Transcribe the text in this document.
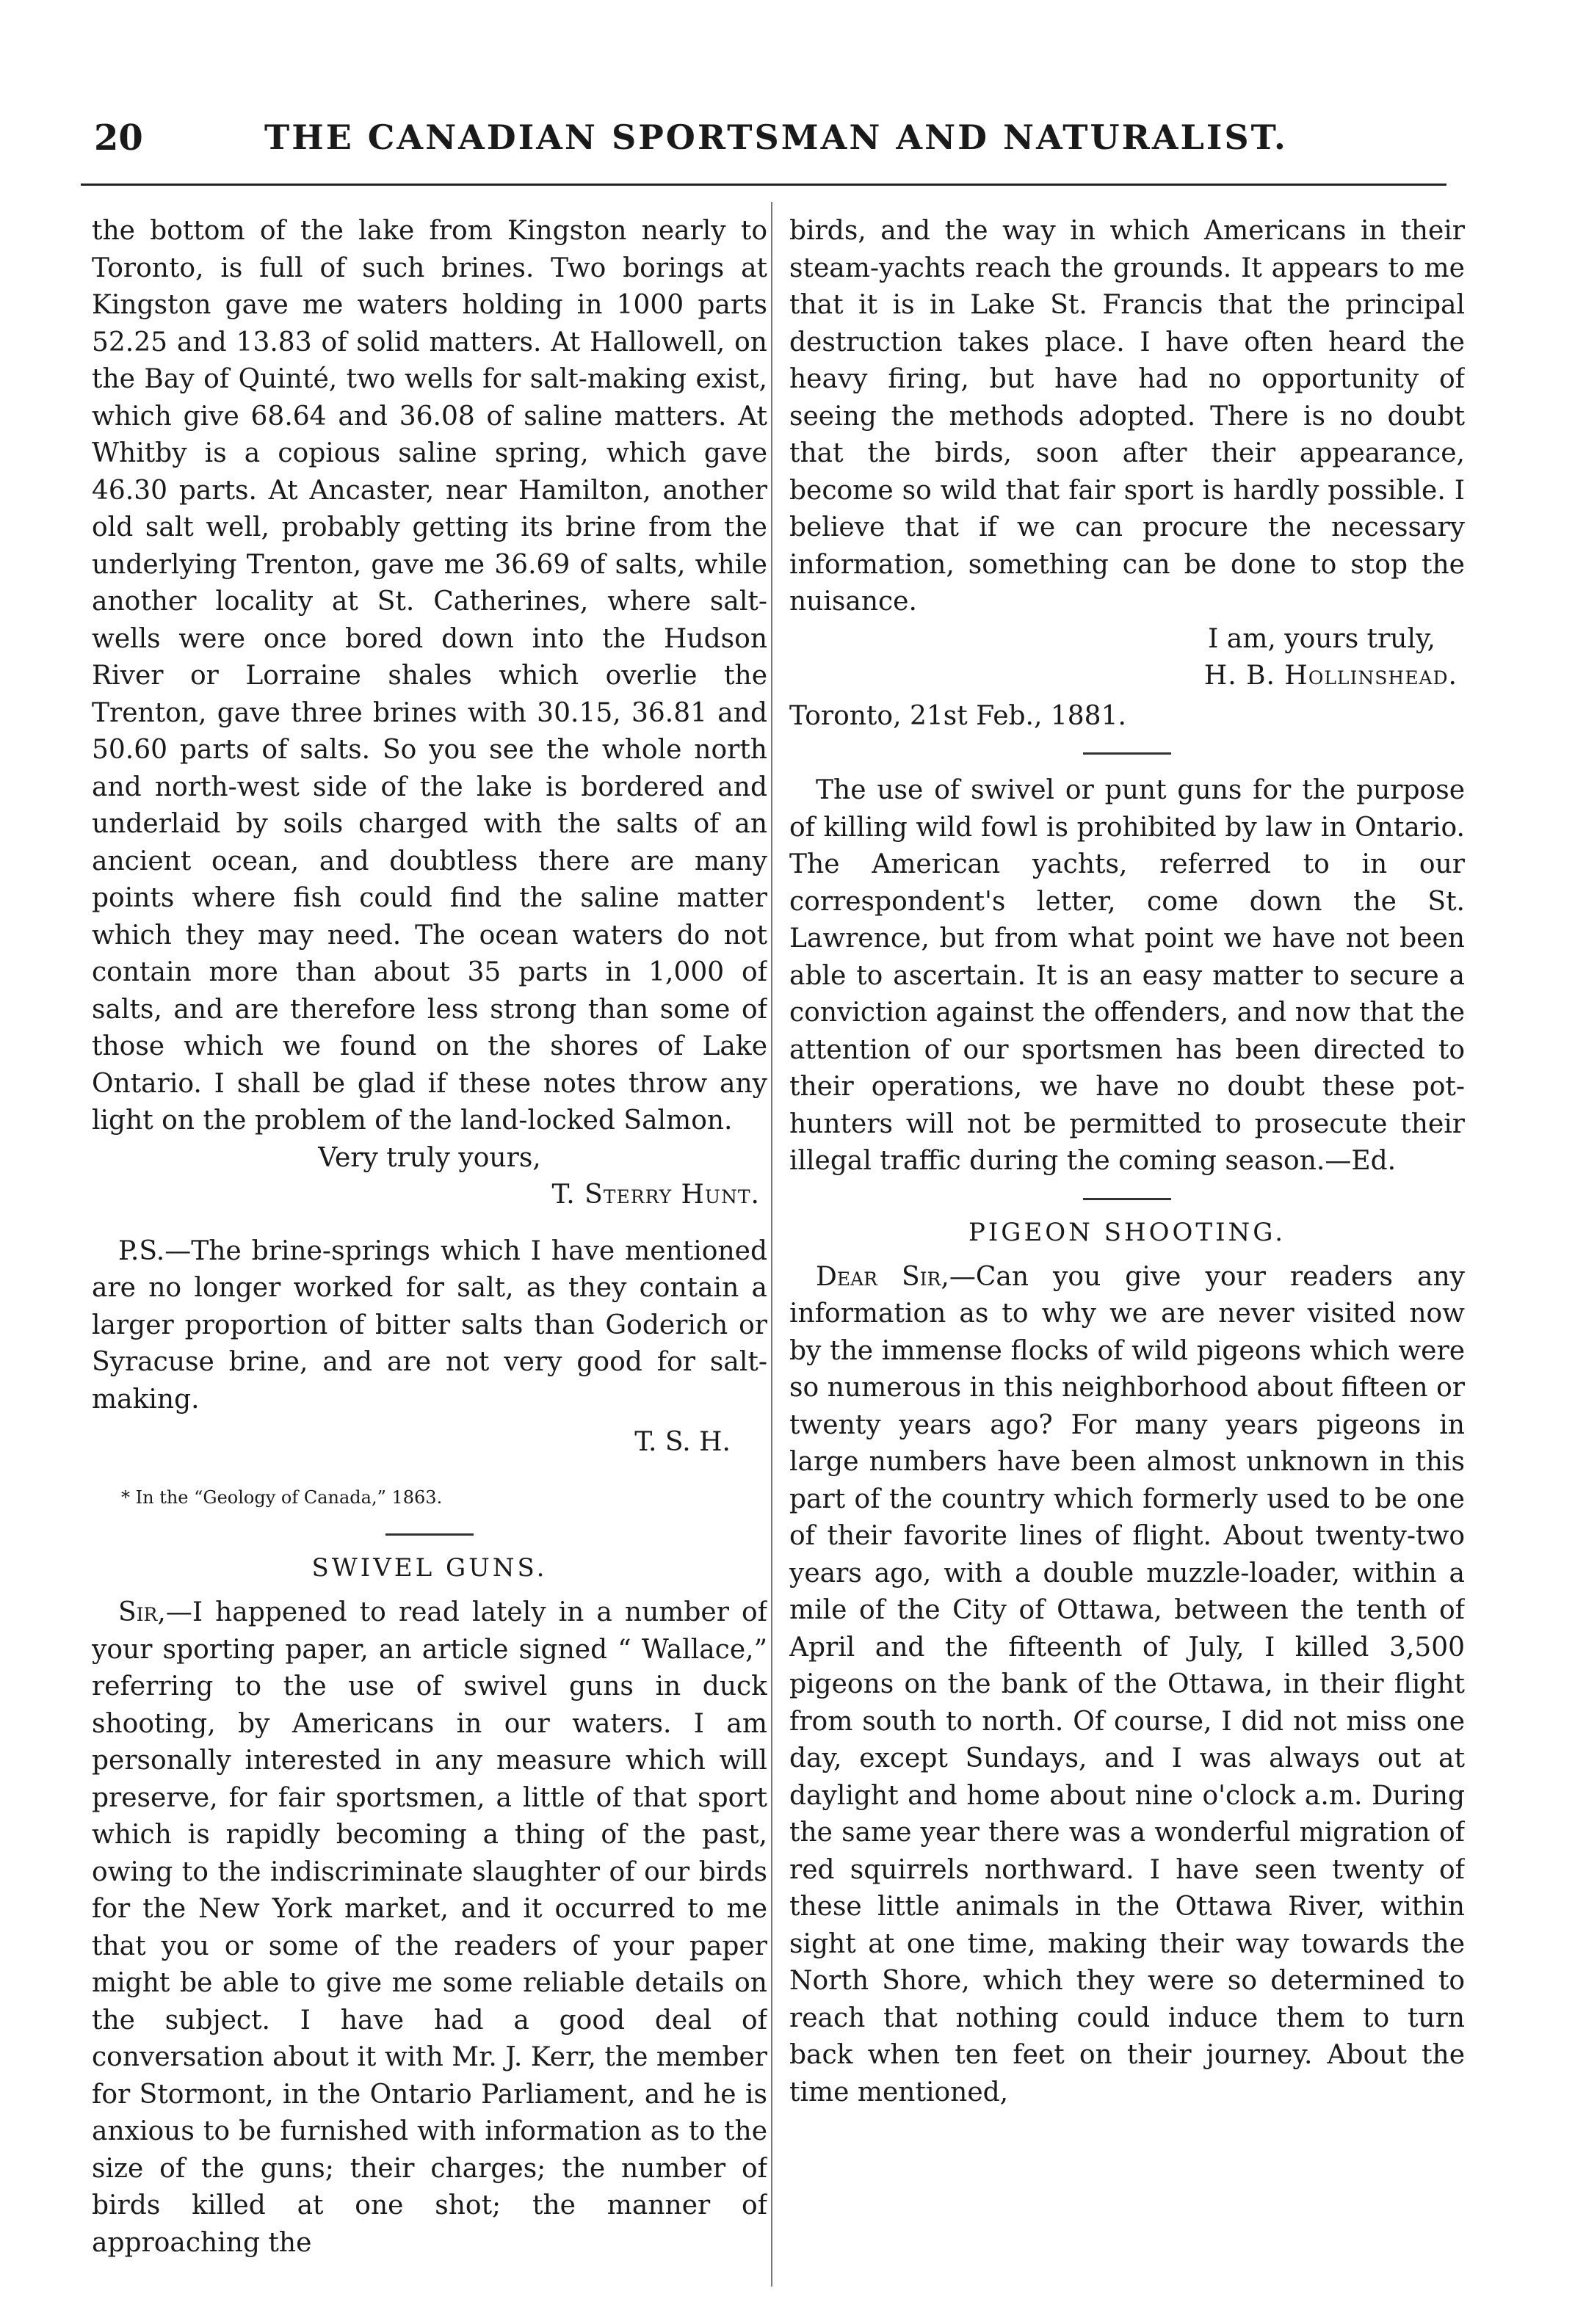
20	THE CANADIAN SPORTSMAN AND NATURALIST.

the bottom of the lake from Kingston nearly to Toronto, is full of such brines. Two borings at Kingston gave me waters holding in 1000 parts 52.25 and 13.83 of solid matters. At Hallowell, on the Bay of Quinté, two wells for salt-making exist, which give 68.64 and 36.08 of saline matters. At Whitby is a copious saline spring, which gave 46.30 parts. At Ancaster, near Hamilton, another old salt well, probably getting its brine from the underlying Trenton, gave me 36.69 of salts, while another locality at St. Catherines, where salt-wells were once bored down into the Hudson River or Lorraine shales which overlie the Trenton, gave three brines with 30.15, 36.81 and 50.60 parts of salts. So you see the whole north and north-west side of the lake is bordered and underlaid by soils charged with the salts of an ancient ocean, and doubtless there are many points where fish could find the saline matter which they may need. The ocean waters do not contain more than about 35 parts in 1,000 of salts, and are therefore less strong than some of those which we found on the shores of Lake Ontario. I shall be glad if these notes throw any light on the problem of the land-locked Salmon.

Very truly yours,

T. Sterry Hunt.

P.S.—The brine-springs which I have mentioned are no longer worked for salt, as they contain a larger proportion of bitter salts than Goderich or Syracuse brine, and are not very good for salt-making.

T. S. H.

* In the “Geology of Canada,” 1863.

SWIVEL GUNS.

Sir,—I happened to read lately in a number of your sporting paper, an article signed “ Wallace,” referring to the use of swivel guns in duck shooting, by Americans in our waters. I am personally interested in any measure which will preserve, for fair sportsmen, a little of that sport which is rapidly becoming a thing of the past, owing to the indiscriminate slaughter of our birds for the New York market, and it occurred to me that you or some of the readers of your paper might be able to give me some reliable details on the subject. I have had a good deal of conversation about it with Mr. J. Kerr, the member for Stormont, in the Ontario Parliament, and he is anxious to be furnished with information as to the size of the guns; their charges; the number of birds killed at one shot; the manner of approaching the

birds, and the way in which Americans in their steam-yachts reach the grounds. It appears to me that it is in Lake St. Francis that the principal destruction takes place. I have often heard the heavy firing, but have had no opportunity of seeing the methods adopted. There is no doubt that the birds, soon after their appearance, become so wild that fair sport is hardly possible. I believe that if we can procure the necessary information, something can be done to stop the nuisance.

I am, yours truly,

H. B. Hollinshead.

Toronto, 21st Feb., 1881.

The use of swivel or punt guns for the purpose of killing wild fowl is prohibited by law in Ontario. The American yachts, referred to in our correspondent's letter, come down the St. Lawrence, but from what point we have not been able to ascertain. It is an easy matter to secure a conviction against the offenders, and now that the attention of our sportsmen has been directed to their operations, we have no doubt these pot-hunters will not be permitted to prosecute their illegal traffic during the coming season.—Ed.

PIGEON SHOOTING.

Dear Sir,—Can you give your readers any information as to why we are never visited now by the immense flocks of wild pigeons which were so numerous in this neighborhood about fifteen or twenty years ago? For many years pigeons in large numbers have been almost unknown in this part of the country which formerly used to be one of their favorite lines of flight. About twenty-two years ago, with a double muzzle-loader, within a mile of the City of Ottawa, between the tenth of April and the fifteenth of July, I killed 3,500 pigeons on the bank of the Ottawa, in their flight from south to north. Of course, I did not miss one day, except Sundays, and I was always out at daylight and home about nine o'clock a.m. During the same year there was a wonderful migration of red squirrels northward. I have seen twenty of these little animals in the Ottawa River, within sight at one time, making their way towards the North Shore, which they were so determined to reach that nothing could induce them to turn back when ten feet on their journey. About the time mentioned,
